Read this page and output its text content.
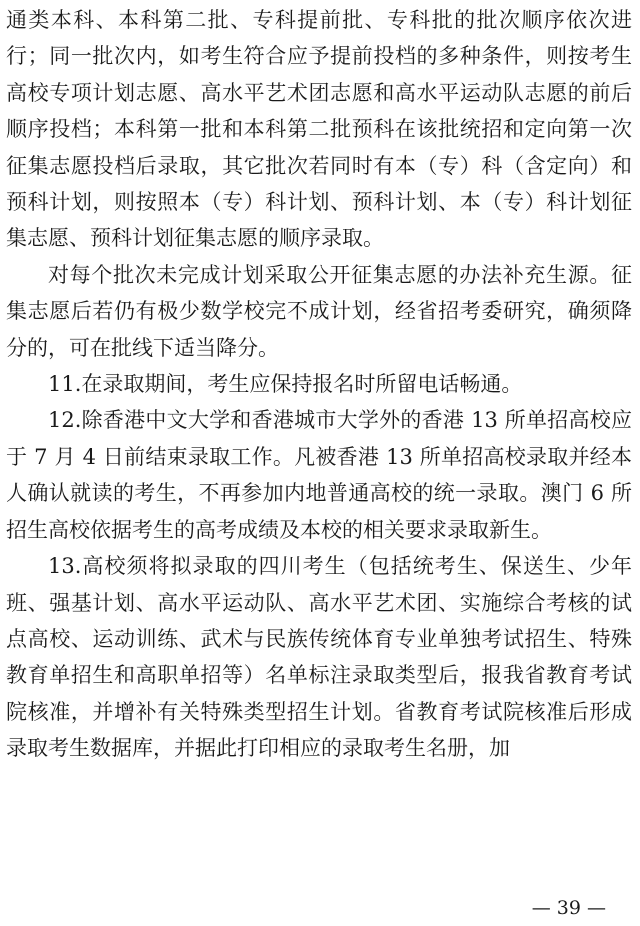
通类本科、本科第二批、专科提前批、专科批的批次顺序依次进行；同一批次内，如考生符合应予提前投档的多种条件，则按考生高校专项计划志愿、高水平艺术团志愿和高水平运动队志愿的前后顺序投档；本科第一批和本科第二批预科在该批统招和定向第一次征集志愿投档后录取，其它批次若同时有本（专）科（含定向）和预科计划，则按照本（专）科计划、预科计划、本（专）科计划征集志愿、预科计划征集志愿的顺序录取。

对每个批次未完成计划采取公开征集志愿的办法补充生源。征集志愿后若仍有极少数学校完不成计划，经省招考委研究，确须降分的，可在批线下适当降分。

11.在录取期间，考生应保持报名时所留电话畅通。

12.除香港中文大学和香港城市大学外的香港 13 所单招高校应于 7 月 4 日前结束录取工作。凡被香港 13 所单招高校录取并经本人确认就读的考生，不再参加内地普通高校的统一录取。澳门 6 所招生高校依据考生的高考成绩及本校的相关要求录取新生。

13.高校须将拟录取的四川考生（包括统考生、保送生、少年班、强基计划、高水平运动队、高水平艺术团、实施综合考核的试点高校、运动训练、武术与民族传统体育专业单独考试招生、特殊教育单招生和高职单招等）名单标注录取类型后，报我省教育考试院核准，并增补有关特殊类型招生计划。省教育考试院核准后形成录取考生数据库，并据此打印相应的录取考生名册，加

— 39 —
